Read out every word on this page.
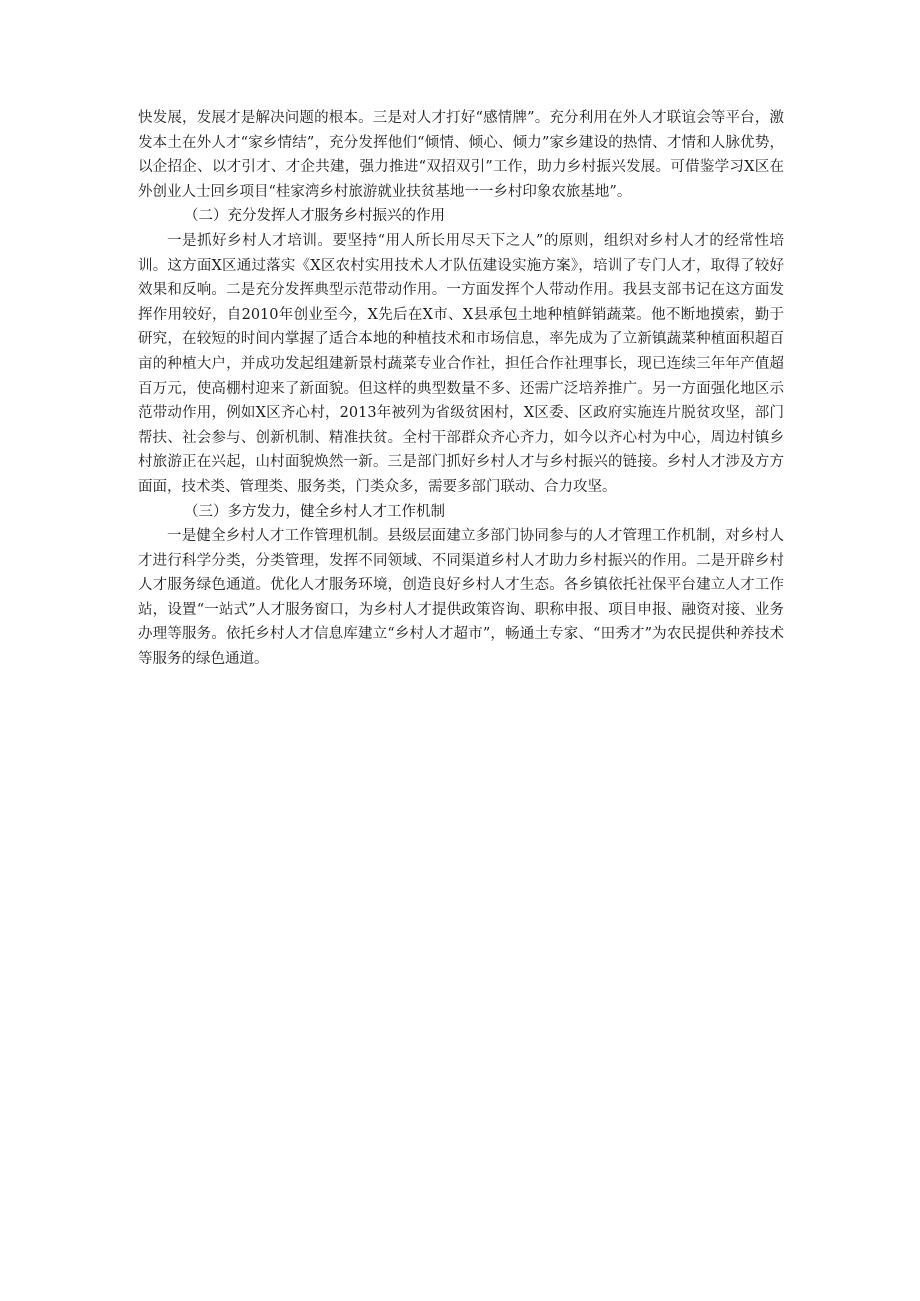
快发展，发展才是解决问题的根本。三是对人才打好“感情牌”。充分利用在外人才联谊会等平台，激发本土在外人才“家乡情结”，充分发挥他们“倾情、倾心、倾力”家乡建设的热情、才情和人脉优势，以企招企、以才引才、才企共建，强力推进“双招双引”工作，助力乡村振兴发展。可借鉴学习X区在外创业人士回乡项目“桂家湾乡村旅游就业扶贫基地一一乡村印象农旅基地”。

（二）充分发挥人才服务乡村振兴的作用

一是抓好乡村人才培训。要坚持“用人所长用尽天下之人”的原则，组织对乡村人才的经常性培训。这方面X区通过落实《X区农村实用技术人才队伍建设实施方案》，培训了专门人才，取得了较好效果和反响。二是充分发挥典型示范带动作用。一方面发挥个人带动作用。我县支部书记在这方面发挥作用较好，自2010年创业至今，X先后在X市、X县承包土地种植鲜销蔬菜。他不断地摸索，勤于研究，在较短的时间内掌握了适合本地的种植技术和市场信息，率先成为了立新镇蔬菜种植面积超百亩的种植大户，并成功发起组建新景村蔬菜专业合作社，担任合作社理事长，现已连续三年年产值超百万元，使高棚村迎来了新面貌。但这样的典型数量不多、还需广泛培养推广。另一方面强化地区示范带动作用，例如X区齐心村，2013年被列为省级贫困村，X区委、区政府实施连片脱贫攻坚，部门帮扶、社会参与、创新机制、精准扶贫。全村干部群众齐心齐力，如今以齐心村为中心，周边村镇乡村旅游正在兴起，山村面貌焕然一新。三是部门抓好乡村人才与乡村振兴的链接。乡村人才涉及方方面面，技术类、管理类、服务类，门类众多，需要多部门联动、合力攻坚。

（三）多方发力，健全乡村人才工作机制

一是健全乡村人才工作管理机制。县级层面建立多部门协同参与的人才管理工作机制，对乡村人才进行科学分类，分类管理，发挥不同领域、不同渠道乡村人才助力乡村振兴的作用。二是开辟乡村人才服务绿色通道。优化人才服务环境，创造良好乡村人才生态。各乡镇依托社保平台建立人才工作站，设置“一站式”人才服务窗口，为乡村人才提供政策咨询、职称申报、项目申报、融资对接、业务办理等服务。依托乡村人才信息库建立“乡村人才超市”，畅通土专家、“田秀才”为农民提供种养技术等服务的绿色通道。
